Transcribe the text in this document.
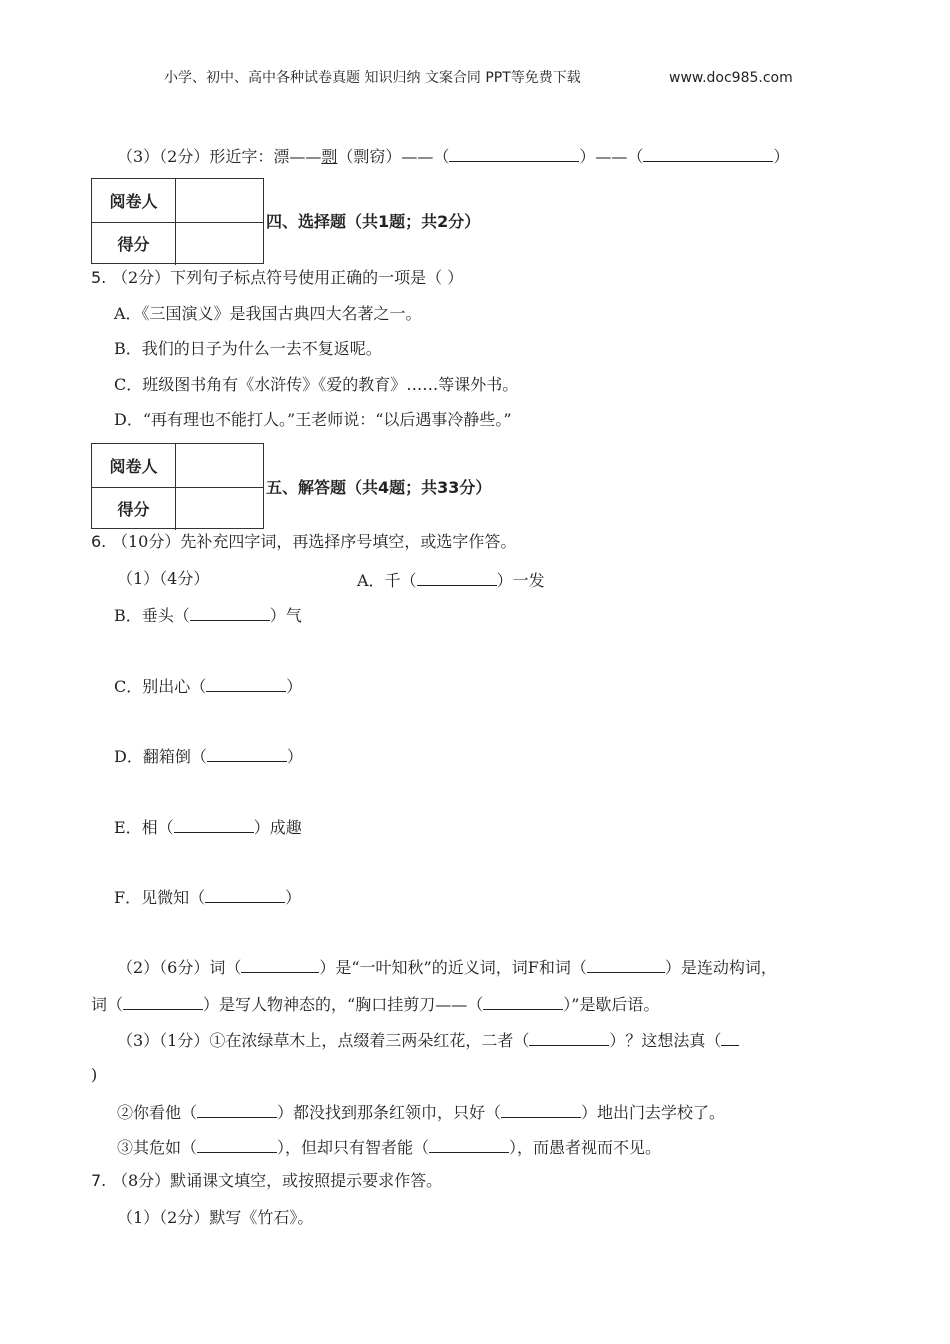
小学、初中、高中各种试卷真题 知识归纳 文案合同 PPT等免费下载	www.doc985.com
（3）（2分）形近字：漂——剽（剽窃）——（	）——（	）
阅卷人
得分
四、选择题（共1题；共2分）
5. （2分）下列句子标点符号使用正确的一项是（ ）
A．《三国演义》是我国古典四大名著之一。
B．我们的日子为什么一去不复返呢。
C．班级图书角有《水浒传》《爱的教育》……等课外书。
D．“再有理也不能打人。”王老师说：“以后遇事冷静些。”
阅卷人
得分
五、解答题（共4题；共33分）
6. （10分）先补充四字词，再选择序号填空，或选字作答。
（1）（4分）	A．千（	）一发
B．垂头（	）气
C．别出心（	）
D．翻箱倒（	）
E．相（	）成趣
F．见微知（	）
（2）（6分）词（	）是“一叶知秋”的近义词，词F和词（	）是连动构词，
词（	）是写人物神态的，“胸口挂剪刀——（	）”是歇后语。
（3）（1分）①在浓绿草木上，点缀着三两朵红花，二者（	）？这想法真（
)
②你看他（	）都没找到那条红领巾，只好（	）地出门去学校了。
③其危如（	），但却只有智者能（	），而愚者视而不见。
7. （8分）默诵课文填空，或按照提示要求作答。
（1）（2分）默写《竹石》。
